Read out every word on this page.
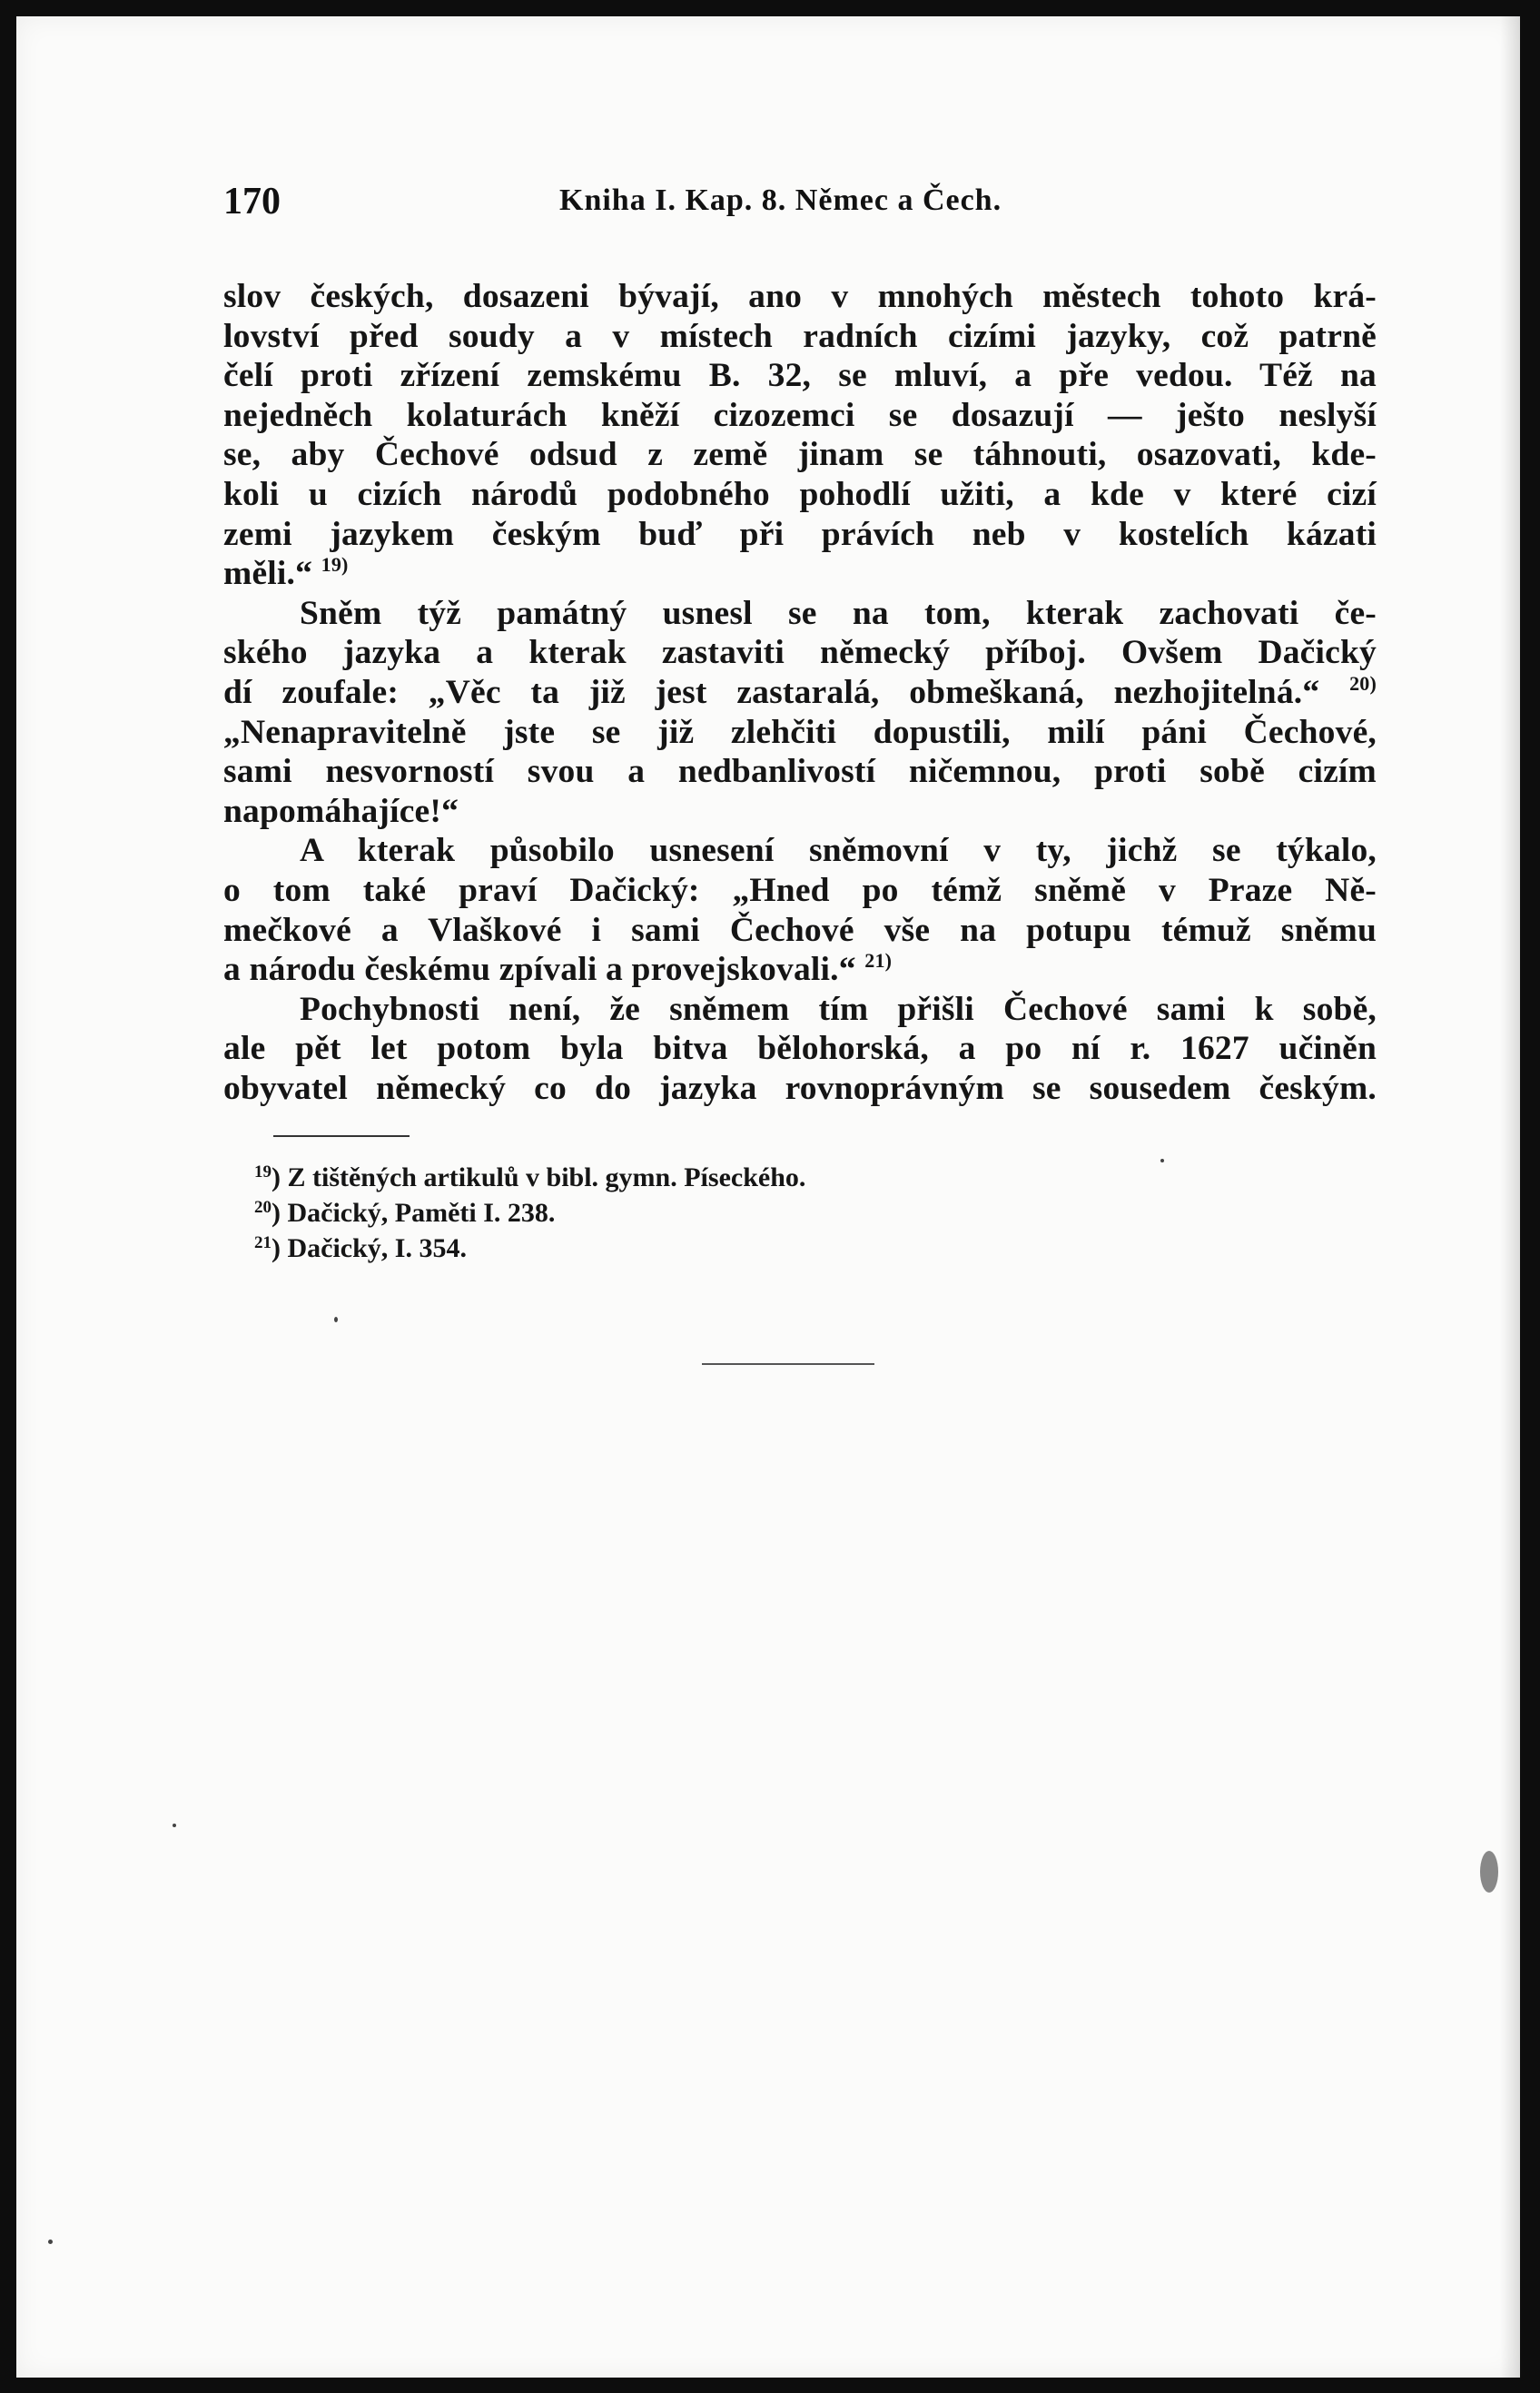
170	Kniha I. Kap. 8. Němec a Čech.
slov českých, dosazeni bývají, ano v mnohých městech tohoto krá-
lovství před soudy a v místech radních cizími jazyky, což patrně
čelí proti zřízení zemskému B. 32, se mluví, a pře vedou. Též na
nejedněch kolaturách kněží cizozemci se dosazují — ješto neslyší
se, aby Čechové odsud z země jinam se táhnouti, osazovati, kde-
koli u cizích národů podobného pohodlí užiti, a kde v které cizí
zemi jazykem českým buď při právích neb v kostelích kázati
měli.“ $^{19)}$
Sněm týž památný usnesl se na tom, kterak zachovati če-
ského jazyka a kterak zastaviti německý příboj. Ovšem Dačický
dí zoufale: „Věc ta již jest zastaralá, obmeškaná, nezhojitelná.“ $^{20)}$
„Nenapravitelně jste se již zlehčiti dopustili, milí páni Čechové,
sami nesvorností svou a nedbanlivostí ničemnou, proti sobě cizím
napomáhajíce!“
A kterak působilo usnesení sněmovní v ty, jichž se týkalo,
o tom také praví Dačický: „Hned po témž sněmě v Praze Ně-
mečkové a Vlaškové i sami Čechové vše na potupu témuž sněmu
a národu českému zpívali a provejskovali.“ $^{21)}$
Pochybnosti není, že sněmem tím přišli Čechové sami k sobě,
ale pět let potom byla bitva bělohorská, a po ní r. 1627 učiněn
obyvatel německý co do jazyka rovnoprávným se sousedem českým.
$^{19}$) Z tištěných artikulů v bibl. gymn. Píseckého.
$^{20}$) Dačický, Paměti I. 238.
$^{21}$) Dačický, I. 354.
